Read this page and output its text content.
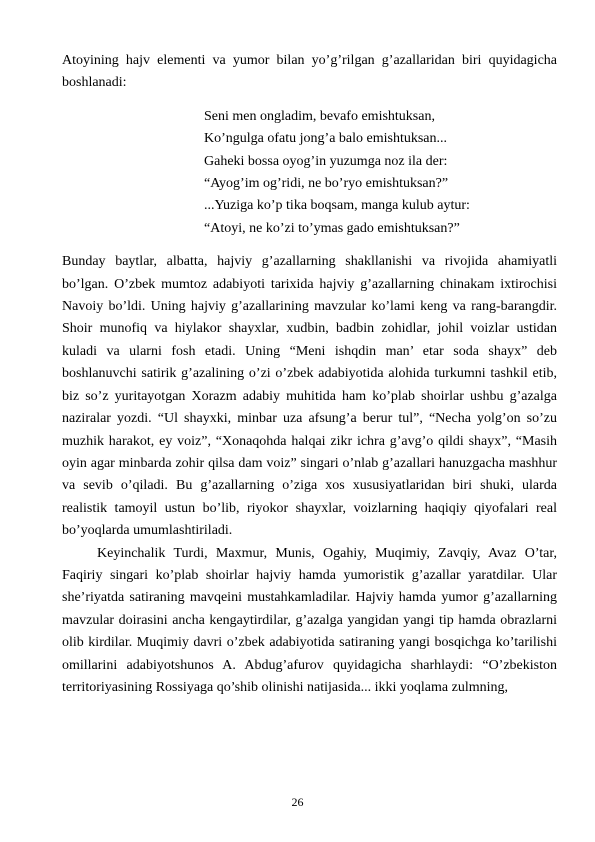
Atoyining hajv elementi va yumor bilan yo’g’rilgan g’azallaridan biri quyidagicha boshlanadi:

Seni men ongladim, bevafo emishtuksan,
Ko’ngulga ofatu jong’a balo emishtuksan...
Gaheki bossa oyog’in yuzumga noz ila der:
“Ayog’im og’ridi, ne bo’ryo emishtuksan?”
...Yuziga ko’p tika boqsam, manga kulub aytur:
“Atoyi, ne ko’zi to’ymas gado emishtuksan?”

Bunday baytlar, albatta, hajviy g’azallarning shakllanishi va rivojida ahamiyatli bo’lgan. O’zbek mumtoz adabiyoti tarixida hajviy g’azallarning chinakam ixtirochisi Navoiy bo’ldi. Uning hajviy g’azallarining mavzular ko’lami keng va rang-barangdir. Shoir munofiq va hiylakor shayxlar, xudbin, badbin zohidlar, johil voizlar ustidan kuladi va ularni fosh etadi. Uning “Meni ishqdin man’ etar soda shayx” deb boshlanuvchi satirik g’azalining o’zi o’zbek adabiyotida alohida turkumni tashkil etib, biz so’z yuritayotgan Xorazm adabiy muhitida ham ko’plab shoirlar ushbu g’azalga naziralar yozdi. “Ul shayxki, minbar uza afsung’a berur tul”, “Necha yolg’on so’zu muzhik harakot, ey voiz”, “Xonaqohda halqai zikr ichra g’avg’o qildi shayx”, “Masih oyin agar minbarda zohir qilsa dam voiz” singari o’nlab g’azallari hanuzgacha mashhur va sevib o’qiladi. Bu g’azallarning o’ziga xos xususiyatlaridan biri shuki, ularda realistik tamoyil ustun bo’lib, riyokor shayxlar, voizlarning haqiqiy qiyofalari real bo’yoqlarda umumlashtiriladi.

Keyinchalik Turdi, Maxmur, Munis, Ogahiy, Muqimiy, Zavqiy, Avaz O’tar, Faqiriy singari ko’plab shoirlar hajviy hamda yumoristik g’azallar yaratdilar. Ular she’riyatda satiraning mavqeini mustahkamladilar. Hajviy hamda yumor g’azallarning mavzular doirasini ancha kengaytirdilar, g’azalga yangidan yangi tip hamda obrazlarni olib kirdilar. Muqimiy davri o’zbek adabiyotida satiraning yangi bosqichga ko’tarilishi omillarini adabiyotshunos A. Abdug’afurov quyidagicha sharhlaydi: “O’zbekiston territoriyasining Rossiyaga qo’shib olinishi natijasida... ikki yoqlama zulmning,

26
